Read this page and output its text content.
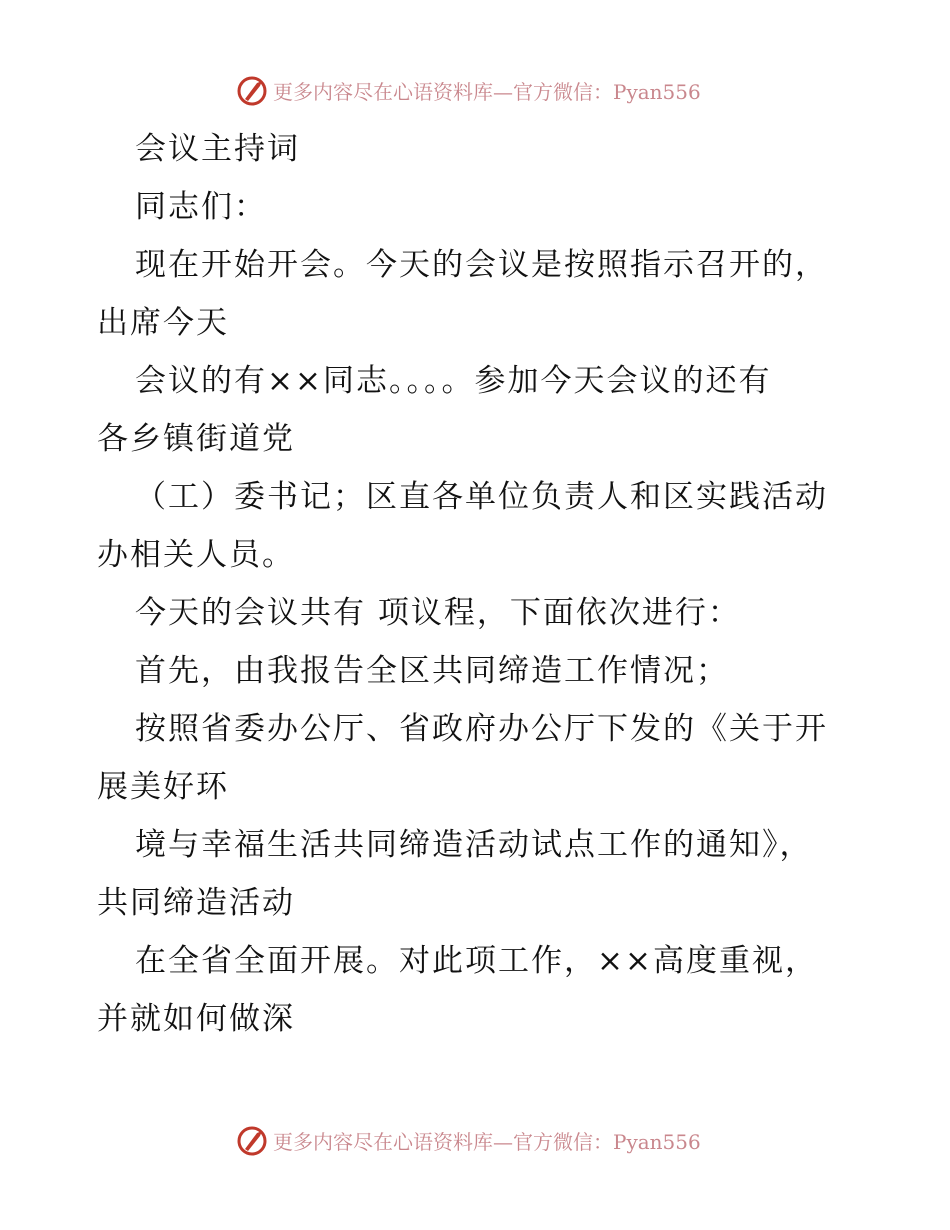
更多内容尽在心语资料库—官方微信：Pyan556
会议主持词
同志们：
现在开始开会。今天的会议是按照指示召开的，
出席今天
会议的有××同志。。。。参加今天会议的还有
各乡镇街道党
（工）委书记；区直各单位负责人和区实践活动
办相关人员。
今天的会议共有 项议程，下面依次进行：
首先，由我报告全区共同缔造工作情况；
按照省委办公厅、省政府办公厅下发的《关于开
展美好环
境与幸福生活共同缔造活动试点工作的通知》，
共同缔造活动
在全省全面开展。对此项工作，××高度重视，
并就如何做深
更多内容尽在心语资料库—官方微信：Pyan556
